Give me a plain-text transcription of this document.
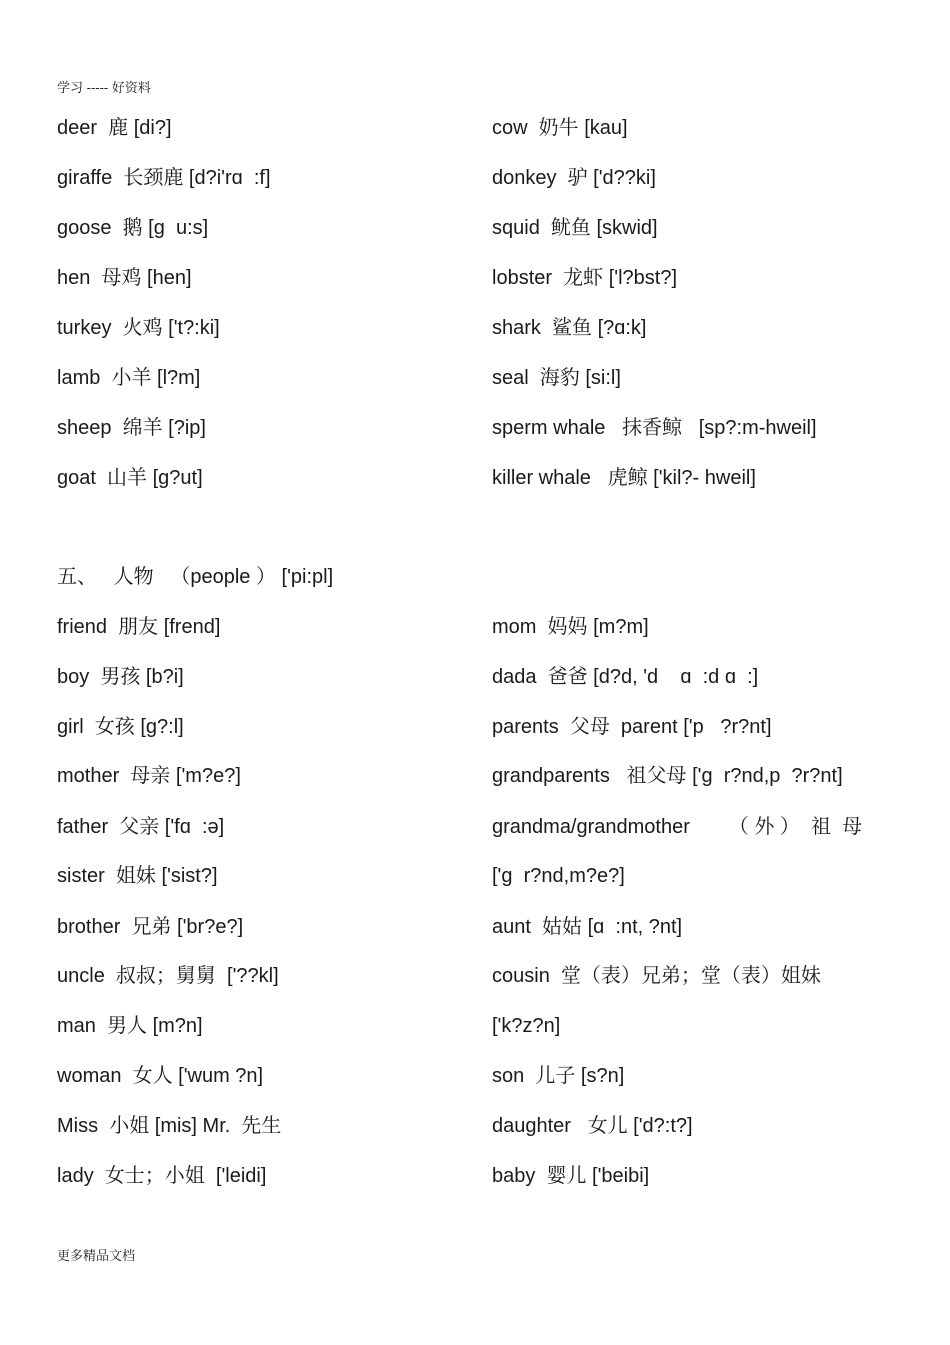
学习 ----- 好资料
deer  鹿 [di?]
giraffe  长颈鹿 [d?i'rɑ  :f]
goose  鹅 [ɡ  u:s]
hen  母鸡 [hen]
turkey  火鸡 ['t?:ki]
lamb  小羊 [l?m]
sheep  绵羊 [?ip]
goat  山羊 [ɡ?ut]
cow  奶牛 [kau]
donkey  驴 ['d??ki]
squid  鱿鱼 [skwid]
lobster  龙虾 ['l?bst?]
shark  鲨鱼 [?ɑ:k]
seal  海豹 [si:l]
sperm whale   抹香鲸   [sp?:m-hweil]
killer whale   虎鲸 ['kil?- hweil]
五、   人物   （people ） ['pi:pl]
friend  朋友 [frend]
boy  男孩 [b?i]
girl  女孩 [ɡ?:l]
mother  母亲 ['m?e?]
father  父亲 ['fɑ  :ə]
sister  姐妹 ['sist?]
brother  兄弟 ['br?e?]
uncle  叔叔；舅舅  ['??kl]
man  男人 [m?n]
woman  女人 ['wum ?n]
Miss  小姐 [mis] Mr.  先生
lady  女士；小姐  ['leidi]
mom  妈妈 [m?m]
dada  爸爸 [d?d, 'd    ɑ  :d ɑ  :]
parents  父母  parent ['p   ?r?nt]
grandparents   祖父母 ['ɡ  r?nd,p  ?r?nt]
grandma/grandmother       （ 外 ）  祖  母
['ɡ  r?nd,m?e?]
aunt  姑姑 [ɑ  :nt, ?nt]
cousin  堂（表）兄弟；堂（表）姐妹
['k?z?n]
son  儿子 [s?n]
daughter   女儿 ['d?:t?]
baby  婴儿 ['beibi]
更多精品文档
